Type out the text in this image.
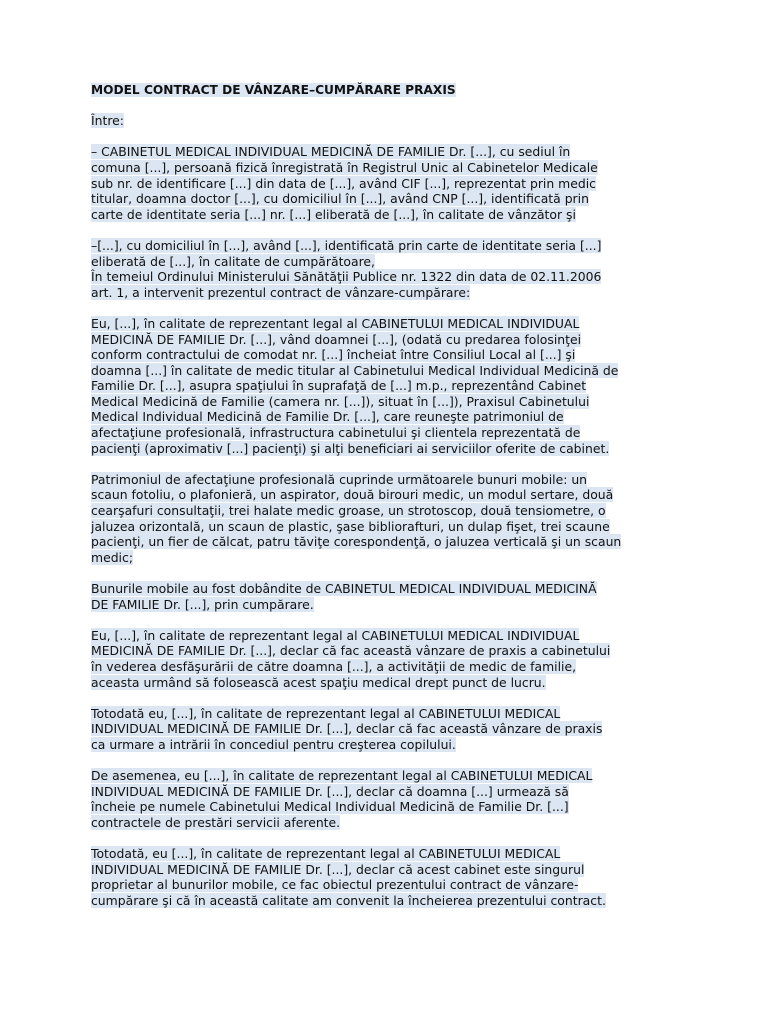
MODEL CONTRACT DE VÂNZARE–CUMPĂRARE PRAXIS

Între:

– CABINETUL MEDICAL INDIVIDUAL MEDICINĂ DE FAMILIE Dr. [...], cu sediul în
comuna [...], persoană fizică înregistrată în Registrul Unic al Cabinetelor Medicale
sub nr. de identificare [...] din data de [...], având CIF [...], reprezentat prin medic
titular, doamna doctor [...], cu domiciliul în [...], având CNP [...], identificată prin
carte de identitate seria [...] nr. [...] eliberată de [...], în calitate de vânzător şi

–[...], cu domiciliul în [...], având [...], identificată prin carte de identitate seria [...]
eliberată de [...], în calitate de cumpărătoare,
În temeiul Ordinului Ministerului Sănătăţii Publice nr. 1322 din data de 02.11.2006
art. 1, a intervenit prezentul contract de vânzare-cumpărare:

Eu, [...], în calitate de reprezentant legal al CABINETULUI MEDICAL INDIVIDUAL
MEDICINĂ DE FAMILIE Dr. [...], vând doamnei [...], (odată cu predarea folosinţei
conform contractului de comodat nr. [...] încheiat între Consiliul Local al [...] şi
doamna [...] în calitate de medic titular al Cabinetului Medical Individual Medicină de
Familie Dr. [...], asupra spaţiului în suprafaţă de [...] m.p., reprezentând Cabinet
Medical Medicină de Familie (camera nr. [...]), situat în [...]), Praxisul Cabinetului
Medical Individual Medicină de Familie Dr. [...], care reuneşte patrimoniul de
afectaţiune profesională, infrastructura cabinetului şi clientela reprezentată de
pacienţi (aproximativ [...] pacienţi) şi alţi beneficiari ai serviciilor oferite de cabinet.

Patrimoniul de afectaţiune profesională cuprinde următoarele bunuri mobile: un
scaun fotoliu, o plafonieră, un aspirator, două birouri medic, un modul sertare, două
cearşafuri consultaţii, trei halate medic groase, un strotoscop, două tensiometre, o
jaluzea orizontală, un scaun de plastic, şase bibliorafturi, un dulap fişet, trei scaune
pacienţi, un fier de călcat, patru tăviţe corespondenţă, o jaluzea verticală şi un scaun
medic;

Bunurile mobile au fost dobândite de CABINETUL MEDICAL INDIVIDUAL MEDICINĂ
DE FAMILIE Dr. [...], prin cumpărare.

Eu, [...], în calitate de reprezentant legal al CABINETULUI MEDICAL INDIVIDUAL
MEDICINĂ DE FAMILIE Dr. [...], declar că fac această vânzare de praxis a cabinetului
în vederea desfăşurării de către doamna [...], a activităţii de medic de familie,
aceasta urmând să folosească acest spaţiu medical drept punct de lucru.

Totodată eu, [...], în calitate de reprezentant legal al CABINETULUI MEDICAL
INDIVIDUAL MEDICINĂ DE FAMILIE Dr. [...], declar că fac această vânzare de praxis
ca urmare a intrării în concediul pentru creşterea copilului.

De asemenea, eu [...], în calitate de reprezentant legal al CABINETULUI MEDICAL
INDIVIDUAL MEDICINĂ DE FAMILIE Dr. [...], declar că doamna [...] urmează să
încheie pe numele Cabinetului Medical Individual Medicină de Familie Dr. [...]
contractele de prestări servicii aferente.

Totodată, eu [...], în calitate de reprezentant legal al CABINETULUI MEDICAL
INDIVIDUAL MEDICINĂ DE FAMILIE Dr. [...], declar că acest cabinet este singurul
proprietar al bunurilor mobile, ce fac obiectul prezentului contract de vânzare-
cumpărare şi că în această calitate am convenit la încheierea prezentului contract.
